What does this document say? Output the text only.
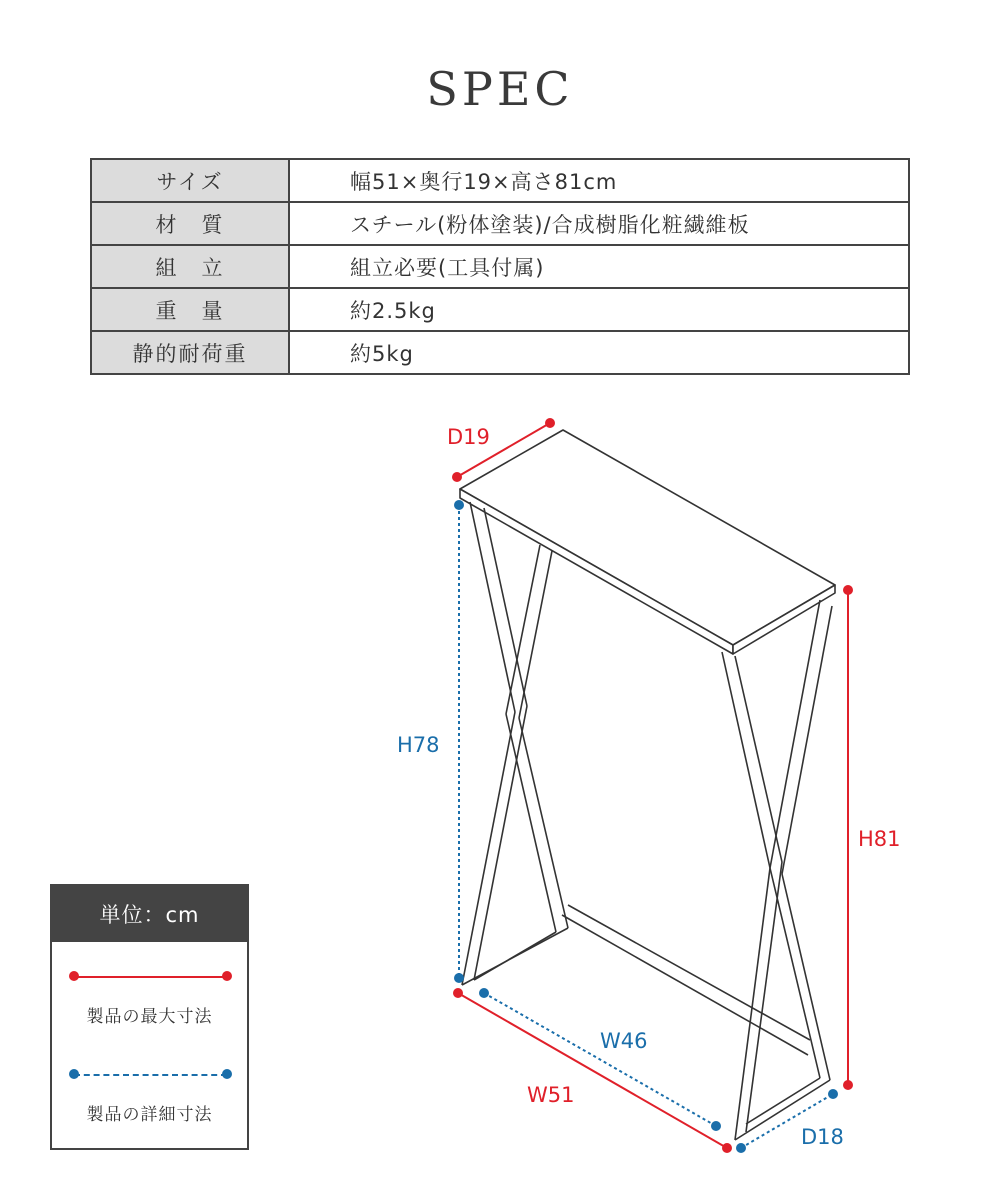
SPEC
サイズ	幅51×奥行19×高さ81cm
材　質	スチール(粉体塗装)/合成樹脂化粧繊維板
組　立	組立必要(工具付属)
重　量	約2.5kg
静的耐荷重	約5kg
D19
H78
H81
W46
W51
D18
単位：cm
製品の最大寸法
製品の詳細寸法
